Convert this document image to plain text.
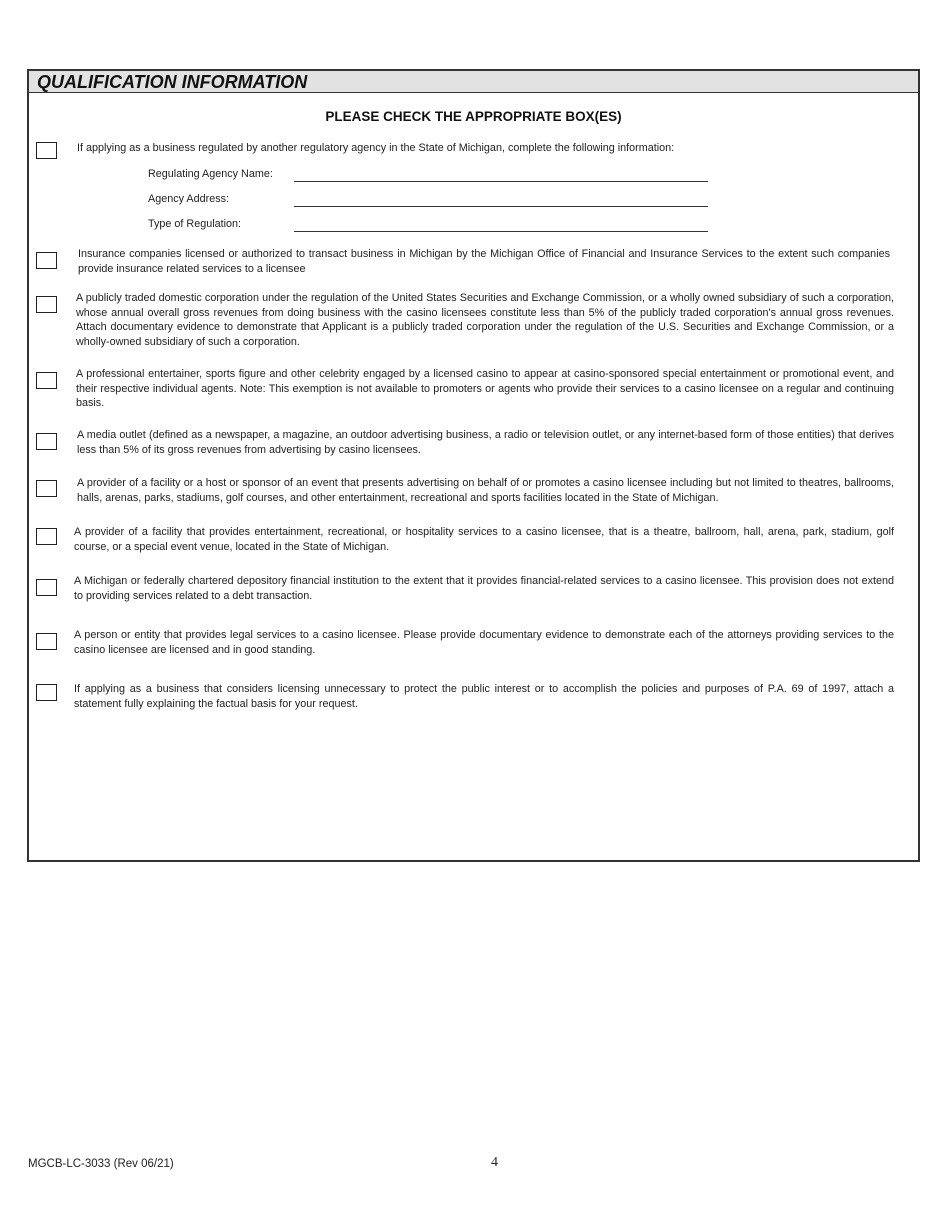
QUALIFICATION INFORMATION
PLEASE CHECK THE APPROPRIATE BOX(ES)
If applying as a business regulated by another regulatory agency in the State of Michigan, complete the following information:
Regulating Agency Name:
Agency Address:
Type of Regulation:
Insurance companies licensed or authorized to transact business in Michigan by the Michigan Office of Financial and Insurance Services to the extent such companies provide insurance related services to a licensee
A publicly traded domestic corporation under the regulation of the United States Securities and Exchange Commission, or a wholly owned subsidiary of such a corporation, whose annual overall gross revenues from doing business with the casino licensees constitute less than 5% of the publicly traded corporation's annual gross revenues. Attach documentary evidence to demonstrate that Applicant is a publicly traded corporation under the regulation of the U.S. Securities and Exchange Commission, or a wholly-owned subsidiary of such a corporation.
A professional entertainer, sports figure and other celebrity engaged by a licensed casino to appear at casino-sponsored special entertainment or promotional event, and their respective individual agents. Note: This exemption is not available to promoters or agents who provide their services to a casino licensee on a regular and continuing basis.
A media outlet (defined as a newspaper, a magazine, an outdoor advertising business, a radio or television outlet, or any internet-based form of those entities) that derives less than 5% of its gross revenues from advertising by casino licensees.
A provider of a facility or a host or sponsor of an event that presents advertising on behalf of or promotes a casino licensee including but not limited to theatres, ballrooms, halls, arenas, parks, stadiums, golf courses, and other entertainment, recreational and sports facilities located in the State of Michigan.
A provider of a facility that provides entertainment, recreational, or hospitality services to a casino licensee, that is a theatre, ballroom, hall, arena, park, stadium, golf course, or a special event venue, located in the State of Michigan.
A Michigan or federally chartered depository financial institution to the extent that it provides financial-related services to a casino licensee. This provision does not extend to providing services related to a debt transaction.
A person or entity that provides legal services to a casino licensee. Please provide documentary evidence to demonstrate each of the attorneys providing services to the casino licensee are licensed and in good standing.
If applying as a business that considers licensing unnecessary to protect the public interest or to accomplish the policies and purposes of P.A. 69 of 1997, attach a statement fully explaining the factual basis for your request.
MGCB-LC-3033 (Rev 06/21)	4
